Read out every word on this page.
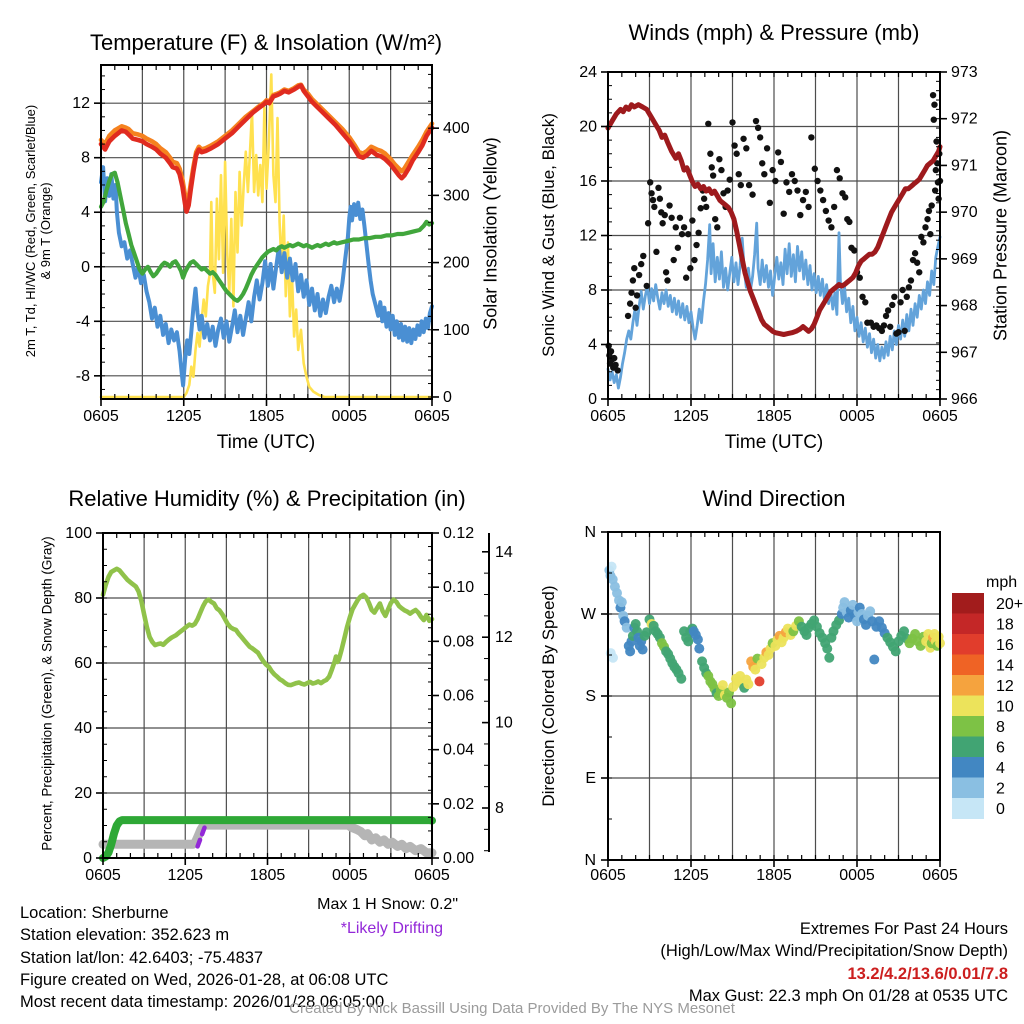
0605	1205	1805	0005	0605
12
8
4
0
-4
-8
400
300
200
100
0
0605	1205	1805	0005	0605
24
20
16
12
8
4
0
973
972
971
970
969
968
967
966
0605	1205	1805	0005	0605
100
80
60
40
20
0
0.12
0.10
0.08
0.06
0.04
0.02
0.00
14
12
10
8
0605	1205	1805	0005	0605
N
W
S
E
N
20+
18
16
14
12
10
8
6
4
2
0
Temperature (F) & Insolation (W/m²)	Winds (mph) & Pressure (mb)
Relative Humidity (%) & Precipitation (in)	Wind Direction
Time (UTC)	Time (UTC)
2m T, Td, HI/WC (Red, Green, Scarlet/Blue) & 9m T (Orange)	Solar Insolation (Yellow) Sonic Wind & Gust (Blue, Black)	Station Pressure (Maroon)
Percent, Precipitation (Green), & Snow Depth (Gray)	Direction (Colored By Speed)
mph
Location: Sherburne
Station elevation: 352.623 m
Station lat/lon: 42.6403; -75.4837
Figure created on Wed, 2026-01-28, at 06:08 UTC
Most recent data timestamp: 2026/01/28 06:05:00
Max 1 H Snow: 0.2"
*Likely Drifting	Extremes For Past 24 Hours
(High/Low/Max Wind/Precipitation/Snow Depth)
13.2/4.2/13.6/0.01/7.8
Max Gust: 22.3 mph On 01/28 at 0535 UTC
Created By Nick Bassill Using Data Provided By The NYS Mesonet
